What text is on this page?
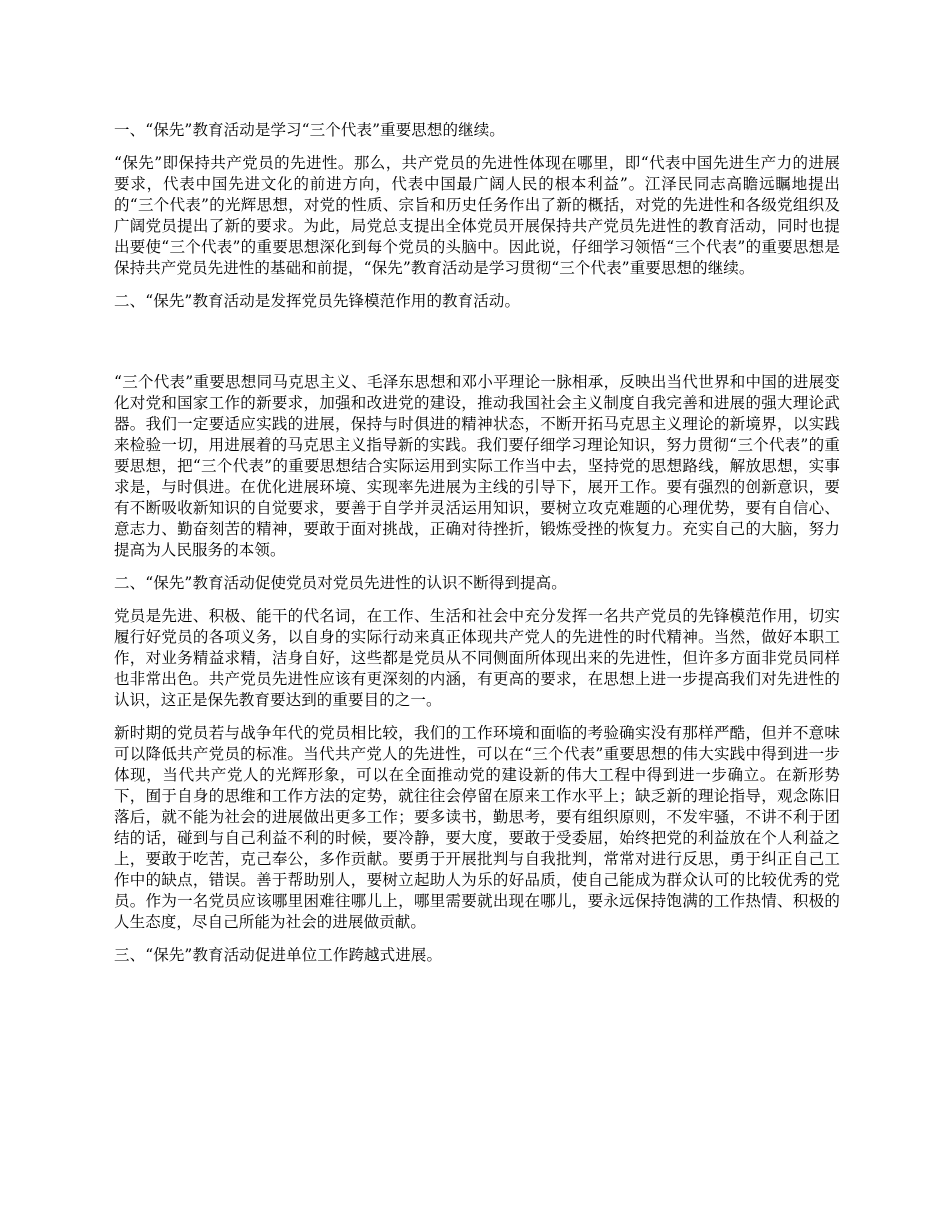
一、“保先”教育活动是学习“三个代表”重要思想的继续。

“保先”即保持共产党员的先进性。那么，共产党员的先进性体现在哪里，即“代表中国先进生产力的进展要求，代表中国先进文化的前进方向，代表中国最广阔人民的根本利益”。江泽民同志高瞻远瞩地提出的“三个代表”的光辉思想，对党的性质、宗旨和历史任务作出了新的概括，对党的先进性和各级党组织及广阔党员提出了新的要求。为此，局党总支提出全体党员开展保持共产党员先进性的教育活动，同时也提出要使“三个代表”的重要思想深化到每个党员的头脑中。因此说，仔细学习领悟“三个代表”的重要思想是保持共产党员先进性的基础和前提，“保先”教育活动是学习贯彻“三个代表”重要思想的继续。

二、“保先”教育活动是发挥党员先锋模范作用的教育活动。

“三个代表”重要思想同马克思主义、毛泽东思想和邓小平理论一脉相承，反映出当代世界和中国的进展变化对党和国家工作的新要求，加强和改进党的建设，推动我国社会主义制度自我完善和进展的强大理论武器。我们一定要适应实践的进展，保持与时俱进的精神状态，不断开拓马克思主义理论的新境界，以实践来检验一切，用进展着的马克思主义指导新的实践。我们要仔细学习理论知识，努力贯彻“三个代表”的重要思想，把“三个代表”的重要思想结合实际运用到实际工作当中去，坚持党的思想路线，解放思想，实事求是，与时俱进。在优化进展环境、实现率先进展为主线的引导下，展开工作。要有强烈的创新意识，要有不断吸收新知识的自觉要求，要善于自学并灵活运用知识，要树立攻克难题的心理优势，要有自信心、意志力、勤奋刻苦的精神，要敢于面对挑战，正确对待挫折，锻炼受挫的恢复力。充实自己的大脑，努力提高为人民服务的本领。

二、“保先”教育活动促使党员对党员先进性的认识不断得到提高。

党员是先进、积极、能干的代名词，在工作、生活和社会中充分发挥一名共产党员的先锋模范作用，切实履行好党员的各项义务，以自身的实际行动来真正体现共产党人的先进性的时代精神。当然，做好本职工作，对业务精益求精，洁身自好，这些都是党员从不同侧面所体现出来的先进性，但许多方面非党员同样也非常出色。共产党员先进性应该有更深刻的内涵，有更高的要求，在思想上进一步提高我们对先进性的认识，这正是保先教育要达到的重要目的之一。

新时期的党员若与战争年代的党员相比较，我们的工作环境和面临的考验确实没有那样严酷，但并不意味可以降低共产党员的标准。当代共产党人的先进性，可以在“三个代表”重要思想的伟大实践中得到进一步体现，当代共产党人的光辉形象，可以在全面推动党的建设新的伟大工程中得到进一步确立。在新形势下，囿于自身的思维和工作方法的定势，就往往会停留在原来工作水平上；缺乏新的理论指导，观念陈旧落后，就不能为社会的进展做出更多工作；要多读书，勤思考，要有组织原则，不发牢骚，不讲不利于团结的话，碰到与自己利益不利的时候，要冷静，要大度，要敢于受委屈，始终把党的利益放在个人利益之上，要敢于吃苦，克己奉公，多作贡献。要勇于开展批判与自我批判，常常对进行反思，勇于纠正自己工作中的缺点，错误。善于帮助别人，要树立起助人为乐的好品质，使自己能成为群众认可的比较优秀的党员。作为一名党员应该哪里困难往哪儿上，哪里需要就出现在哪儿，要永远保持饱满的工作热情、积极的人生态度，尽自己所能为社会的进展做贡献。

三、“保先”教育活动促进单位工作跨越式进展。
